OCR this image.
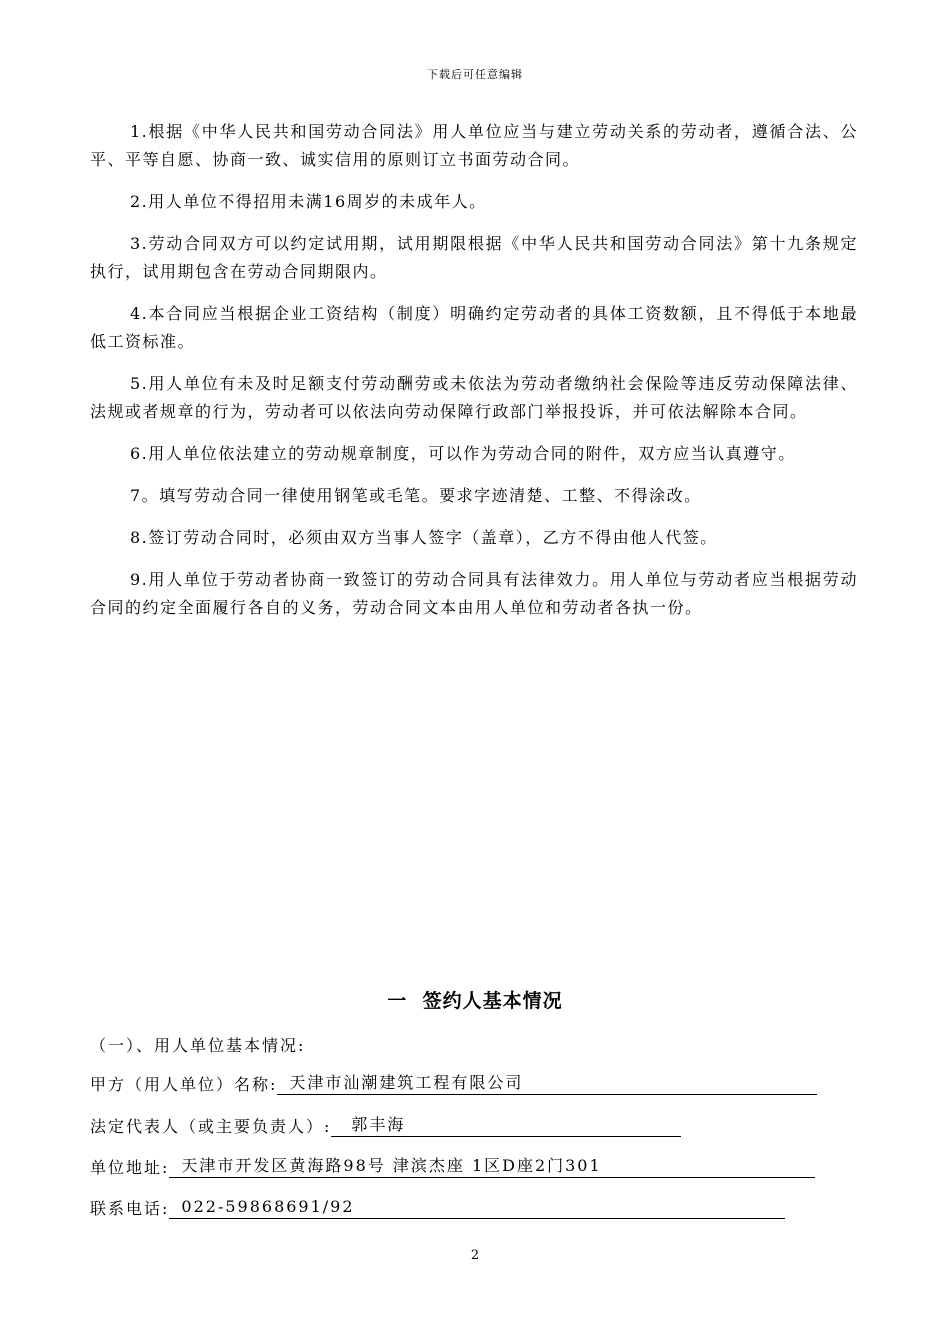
下载后可任意编辑

1.根据《中华人民共和国劳动合同法》用人单位应当与建立劳动关系的劳动者，遵循合法、公平、平等自愿、协商一致、诚实信用的原则订立书面劳动合同。

2.用人单位不得招用未满16周岁的未成年人。

3.劳动合同双方可以约定试用期，试用期限根据《中华人民共和国劳动合同法》第十九条规定执行，试用期包含在劳动合同期限内。

4.本合同应当根据企业工资结构（制度）明确约定劳动者的具体工资数额，且不得低于本地最低工资标准。

5.用人单位有未及时足额支付劳动酬劳或未依法为劳动者缴纳社会保险等违反劳动保障法律、法规或者规章的行为，劳动者可以依法向劳动保障行政部门举报投诉，并可依法解除本合同。

6.用人单位依法建立的劳动规章制度，可以作为劳动合同的附件，双方应当认真遵守。

7。填写劳动合同一律使用钢笔或毛笔。要求字迹清楚、工整、不得涂改。

8.签订劳动合同时，必须由双方当事人签字（盖章），乙方不得由他人代签。

9.用人单位于劳动者协商一致签订的劳动合同具有法律效力。用人单位与劳动者应当根据劳动合同的约定全面履行各自的义务，劳动合同文本由用人单位和劳动者各执一份。

一  签约人基本情况
（一）、用人单位基本情况:
甲方（用人单位）名称: 天津市汕潮建筑工程有限公司
法定代表人（或主要负责人）:	郭丰海
单位地址: 天津市开发区黄海路98号 津滨杰座 1区D座2门301
联系电话: 022-59868691/92
2
